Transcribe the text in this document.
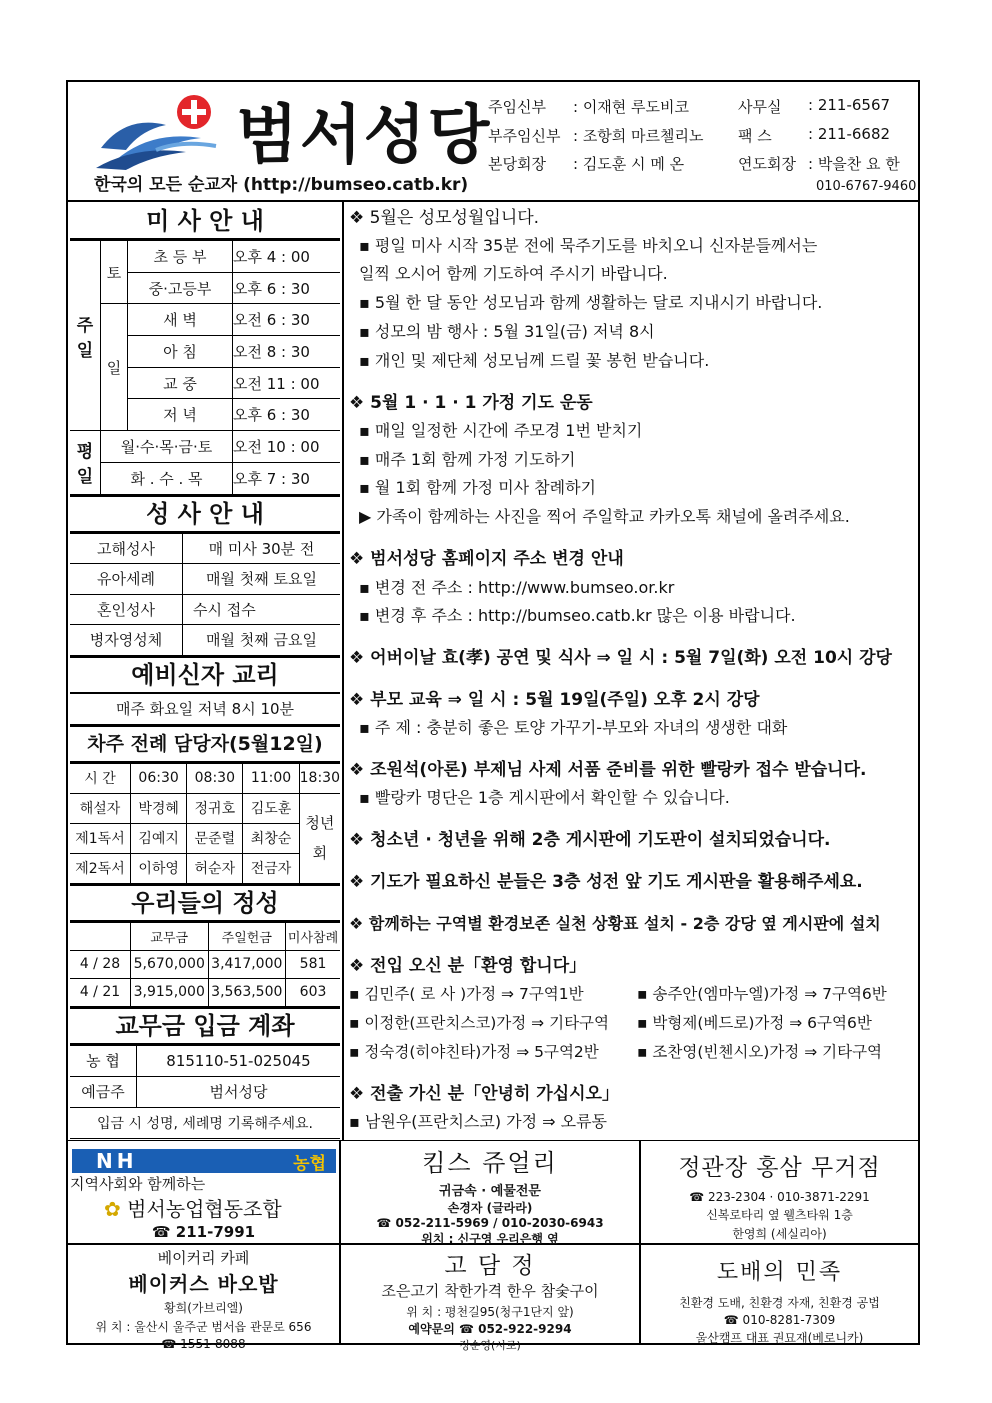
범서성당
한국의 모든 순교자 (http://bumseo.catb.kr)
주임신부 : 이재현 루도비코	사무실 : 211-6567
부주임신부 : 조항희 마르첼리노 팩 스 : 211-6682
본당회장 : 김도훈 시 메 온	연도회장 : 박을찬 요 한
010-6767-9460
미 사 안 내
주일	토	초 등 부	오후 4 : 00
		중·고등부	오후 6 : 30
	일	새 벽	오전 6 : 30
		아 침	오전 8 : 30
		교 중	오전 11 : 00
		저 녁	오후 6 : 30
평일	월·수·목·금·토		오전 10 : 00
	화 . 수 . 목		오후 7 : 30
성 사 안 내
고해성사	매 미사 30분 전
유아세례	매월 첫째 토요일
혼인성사	수시 접수
병자영성체	매월 첫째 금요일
예비신자 교리
매주 화요일 저녁 8시 10분
차주 전례 담당자(5월12일)
시 간	06:30	08:30	11:00	18:30
해설자	박경혜	정귀호	김도훈	청년회
제1독서	김예지	문준렬	최창순	
제2독서	이하영	허순자	전금자	
우리들의 정성
	교무금	주일헌금	미사참례
4 / 28	5,670,000	3,417,000	581
4 / 21	3,915,000	3,563,500	603
교무금 입금 계좌
농 협	815110-51-025045
예금주	범서성당
입금 시 성명, 세례명 기록해주세요.	
❖ 5월은 성모성월입니다.
▪ 평일 미사 시작 35분 전에 묵주기도를 바치오니 신자분들께서는
일찍 오시어 함께 기도하여 주시기 바랍니다.
▪ 5월 한 달 동안 성모님과 함께 생활하는 달로 지내시기 바랍니다.
▪ 성모의 밤 행사 : 5월 31일(금) 저녁 8시
▪ 개인 및 제단체 성모님께 드릴 꽃 봉헌 받습니다.
❖ 5월 1 · 1 · 1 가정 기도 운동
▪ 매일 일정한 시간에 주모경 1번 받치기
▪ 매주 1회 함께 가정 기도하기
▪ 월 1회 함께 가정 미사 참례하기
▶ 가족이 함께하는 사진을 찍어 주일학교 카카오톡 채널에 올려주세요.
❖ 범서성당 홈페이지 주소 변경 안내
▪ 변경 전 주소 : http://www.bumseo.or.kr
▪ 변경 후 주소 : http://bumseo.catb.kr 많은 이용 바랍니다.
❖ 어버이날 효(孝) 공연 및 식사 ⇒ 일 시 : 5월 7일(화) 오전 10시 강당
❖ 부모 교육 ⇒ 일 시 : 5월 19일(주일) 오후 2시 강당
▪ 주 제 : 충분히 좋은 토양 가꾸기-부모와 자녀의 생생한 대화
❖ 조원석(아론) 부제님 사제 서품 준비를 위한 빨랑카 접수 받습니다.
▪ 빨랑카 명단은 1층 게시판에서 확인할 수 있습니다.
❖ 청소년 · 청년을 위해 2층 게시판에 기도판이 설치되었습니다.
❖ 기도가 필요하신 분들은 3층 성전 앞 기도 게시판을 활용해주세요.
❖ 함께하는 구역별 환경보존 실천 상황표 설치 - 2층 강당 옆 게시판에 설치
❖ 전입 오신 분「환영 합니다」
▪ 김민주( 로 사 )가정 ⇒ 7구역1반	▪ 송주안(엠마누엘)가정 ⇒ 7구역6반
▪ 이정한(프란치스코)가정 ⇒ 기타구역 ▪ 박형제(베드로)가정 ⇒ 6구역6반
▪ 정숙경(히야친타)가정 ⇒ 5구역2반 ▪ 조찬영(빈첸시오)가정 ⇒ 기타구역
❖ 전출 가신 분「안녕히 가십시오」
▪ 남원우(프란치스코) 가정 ⇒ 오류동
NH	농협
지역사회와 함께하는
✿ 범서농업협동조합
☎ 211-7991
킴스 쥬얼리
귀금속 · 예물전문
손경자 (글라라)
☎ 052-211-5969 / 010-2030-6943
위치 : 신구영 우리은행 옆
정관장 홍삼 무거점
☎ 223-2304 · 010-3871-2291
신복로타리 옆 웰츠타워 1층
한영희 (세실리아)
베이커리 카페
베이커스 바오밥
황희(가브리엘)
위 치 : 울산시 울주군 범서읍 관문로 656
☎ 1551-8088
고 담 정
조은고기 착한가격 한우 참숯구이
위 치 : 평천길95(청구1단지 앞)
예약문의 ☎ 052-922-9294
정순영(시로)
도배의 민족
친환경 도배, 친환경 자재, 친환경 공법
☎ 010-8281-7309
울산캠프 대표 권묘재(베로니카)
